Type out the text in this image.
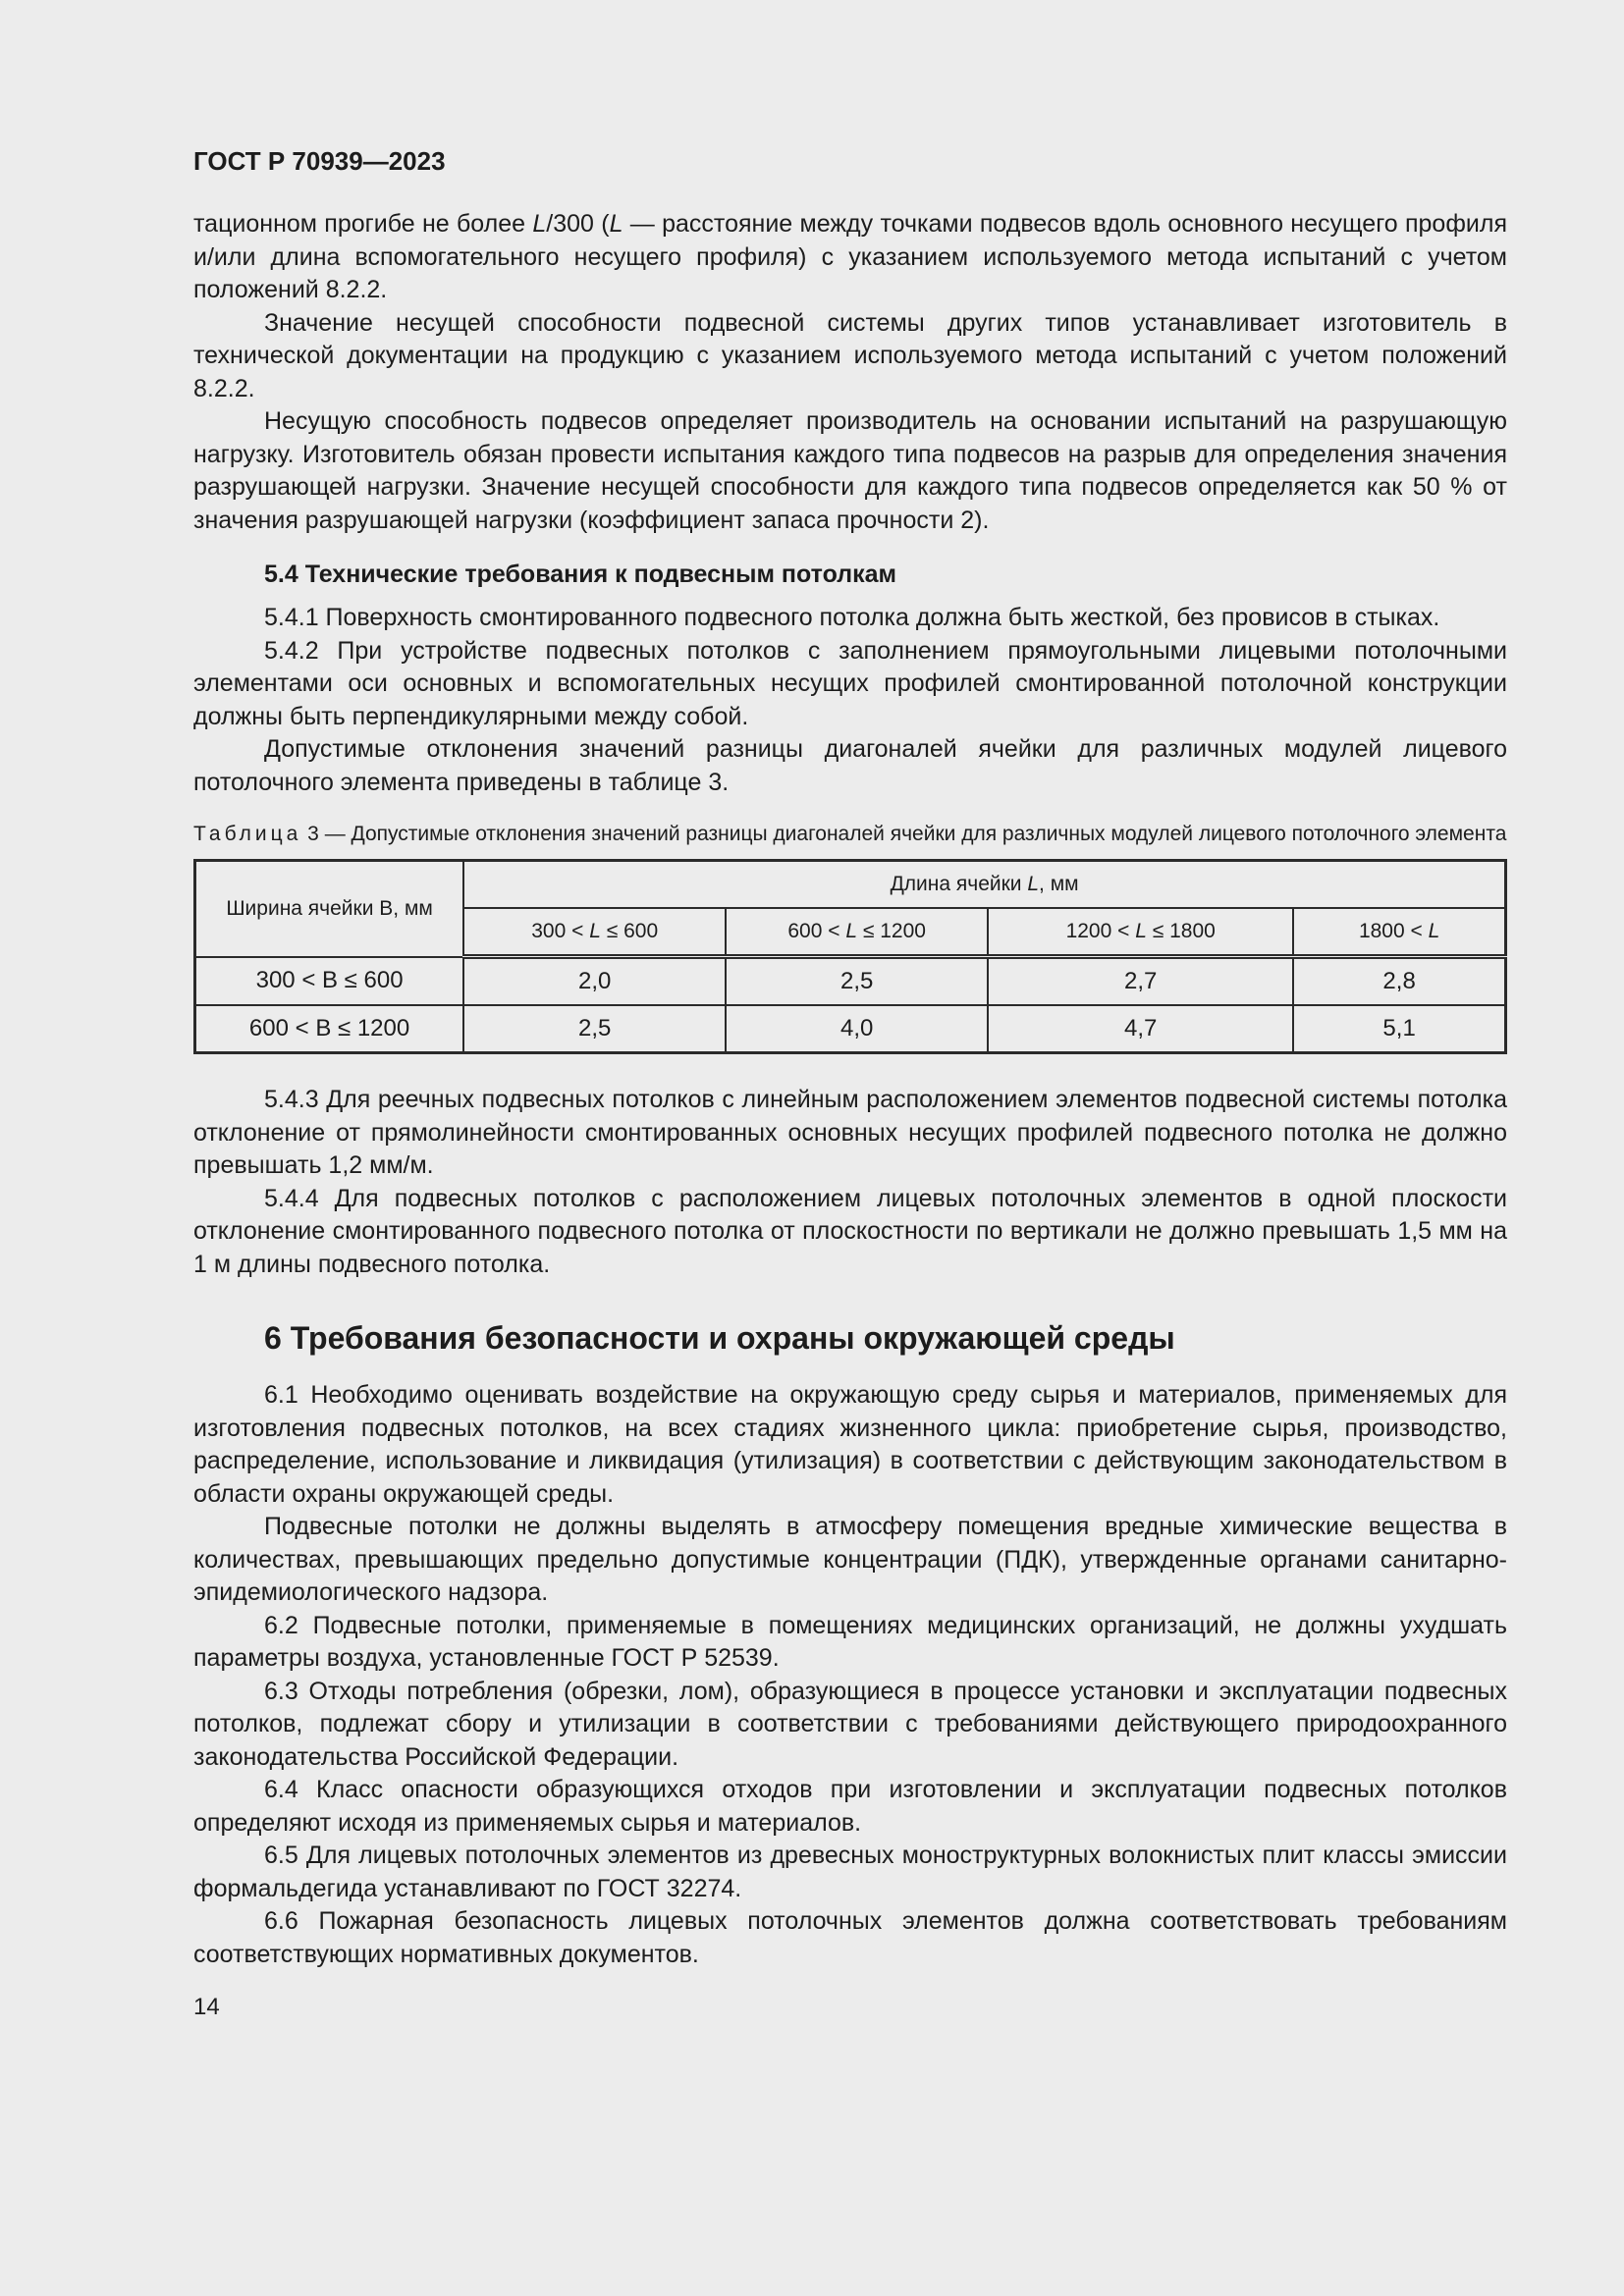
ГОСТ Р 70939—2023

тационном прогибе не более L/300 (L — расстояние между точками подвесов вдоль основного несущего профиля и/или длина вспомогательного несущего профиля) с указанием используемого метода испытаний с учетом положений 8.2.2.

Значение несущей способности подвесной системы других типов устанавливает изготовитель в технической документации на продукцию с указанием используемого метода испытаний с учетом положений 8.2.2.

Несущую способность подвесов определяет производитель на основании испытаний на разрушающую нагрузку. Изготовитель обязан провести испытания каждого типа подвесов на разрыв для определения значения разрушающей нагрузки. Значение несущей способности для каждого типа подвесов определяется как 50 % от значения разрушающей нагрузки (коэффициент запаса прочности 2).

5.4 Технические требования к подвесным потолкам

5.4.1 Поверхность смонтированного подвесного потолка должна быть жесткой, без провисов в стыках.

5.4.2 При устройстве подвесных потолков с заполнением прямоугольными лицевыми потолочными элементами оси основных и вспомогательных несущих профилей смонтированной потолочной конструкции должны быть перпендикулярными между собой.

Допустимые отклонения значений разницы диагоналей ячейки для различных модулей лицевого потолочного элемента приведены в таблице 3.

Таблица 3 — Допустимые отклонения значений разницы диагоналей ячейки для различных модулей лицевого потолочного элемента
Ширина ячейки В, мм	Длина ячейки L, мм			
	300 < L ≤ 600	600 < L ≤ 1200	1200 < L ≤ 1800	1800 < L
300 < В ≤ 600	2,0	2,5	2,7	2,8
600 < В ≤ 1200	2,5	4,0	4,7	5,1

5.4.3 Для реечных подвесных потолков с линейным расположением элементов подвесной системы потолка отклонение от прямолинейности смонтированных основных несущих профилей подвесного потолка не должно превышать 1,2 мм/м.

5.4.4 Для подвесных потолков с расположением лицевых потолочных элементов в одной плоскости отклонение смонтированного подвесного потолка от плоскостности по вертикали не должно превышать 1,5 мм на 1 м длины подвесного потолка.

6 Требования безопасности и охраны окружающей среды

6.1 Необходимо оценивать воздействие на окружающую среду сырья и материалов, применяемых для изготовления подвесных потолков, на всех стадиях жизненного цикла: приобретение сырья, производство, распределение, использование и ликвидация (утилизация) в соответствии с действующим законодательством в области охраны окружающей среды.

Подвесные потолки не должны выделять в атмосферу помещения вредные химические вещества в количествах, превышающих предельно допустимые концентрации (ПДК), утвержденные органами санитарно-эпидемиологического надзора.

6.2 Подвесные потолки, применяемые в помещениях медицинских организаций, не должны ухудшать параметры воздуха, установленные ГОСТ Р 52539.

6.3 Отходы потребления (обрезки, лом), образующиеся в процессе установки и эксплуатации подвесных потолков, подлежат сбору и утилизации в соответствии с требованиями действующего природоохранного законодательства Российской Федерации.

6.4 Класс опасности образующихся отходов при изготовлении и эксплуатации подвесных потолков определяют исходя из применяемых сырья и материалов.

6.5 Для лицевых потолочных элементов из древесных моноструктурных волокнистых плит классы эмиссии формальдегида устанавливают по ГОСТ 32274.

6.6 Пожарная безопасность лицевых потолочных элементов должна соответствовать требованиям соответствующих нормативных документов.

14
